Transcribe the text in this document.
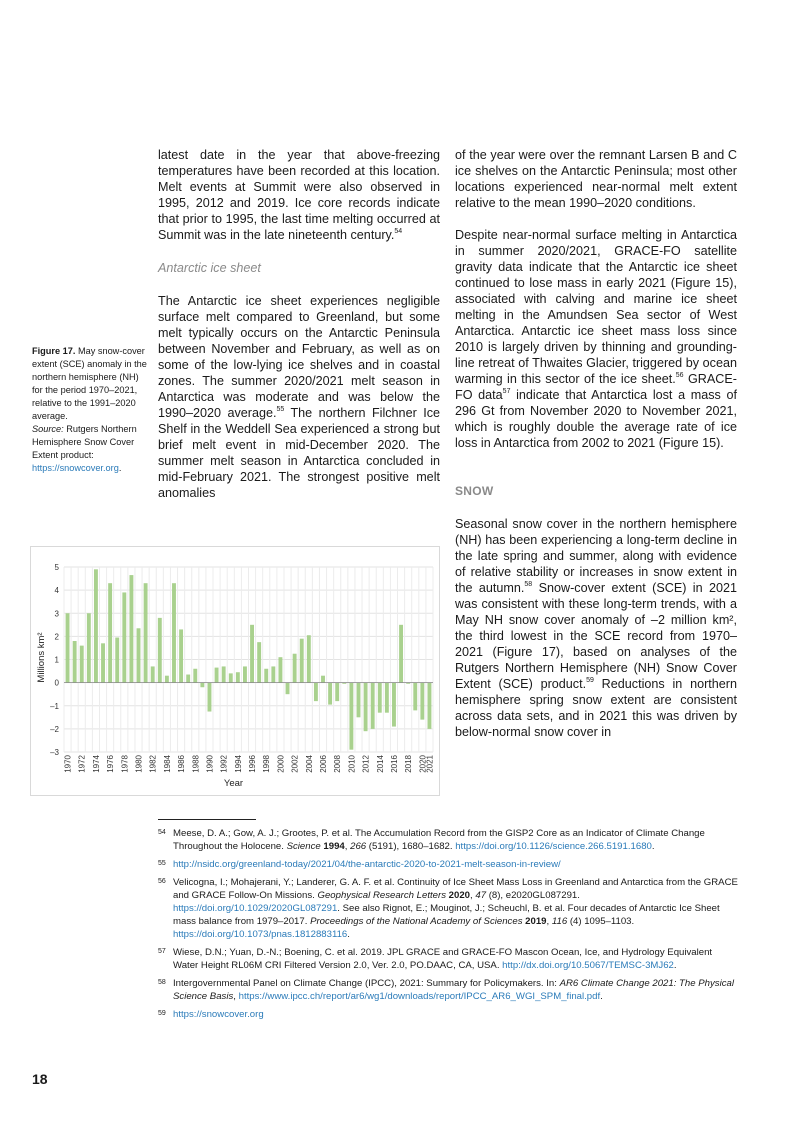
latest date in the year that above-freezing temperatures have been recorded at this location. Melt events at Summit were also observed in 1995, 2012 and 2019. Ice core records indicate that prior to 1995, the last time melting occurred at Summit was in the late nineteenth century.$^{54}$

Antarctic ice sheet

The Antarctic ice sheet experiences negligible surface melt compared to Greenland, but some melt typically occurs on the Antarctic Peninsula between November and February, as well as on some of the low-lying ice shelves and in coastal zones. The summer 2020/2021 melt season in Antarctica was moderate and was below the 1990–2020 average.$^{55}$ The northern Filchner Ice Shelf in the Weddell Sea experienced a strong but brief melt event in mid-December 2020. The summer melt season in Antarctica concluded in mid-February 2021. The strongest positive melt anomalies

of the year were over the remnant Larsen B and C ice shelves on the Antarctic Peninsula; most other locations experienced near-normal melt extent relative to the mean 1990–2020 conditions.

Despite near-normal surface melting in Antarctica in summer 2020/2021, GRACE-FO satellite gravity data indicate that the Antarctic ice sheet continued to lose mass in early 2021 (Figure 15), associated with calving and marine ice sheet melting in the Amundsen Sea sector of West Antarctica. Antarctic ice sheet mass loss since 2010 is largely driven by thinning and grounding-line retreat of Thwaites Glacier, triggered by ocean warming in this sector of the ice sheet.$^{56}$ GRACE-FO data$^{57}$ indicate that Antarctica lost a mass of 296 Gt from November 2020 to November 2021, which is roughly double the average rate of ice loss in Antarctica from 2002 to 2021 (Figure 15).

SNOW

Seasonal snow cover in the northern hemisphere (NH) has been experiencing a long-term decline in the late spring and summer, along with evidence of relative stability or increases in snow extent in the autumn.$^{58}$ Snow-cover extent (SCE) in 2021 was consistent with these long-term trends, with a May NH snow cover anomaly of –2 million km², the third lowest in the SCE record from 1970–2021 (Figure 17), based on analyses of the Rutgers Northern Hemisphere (NH) Snow Cover Extent (SCE) product.$^{59}$ Reductions in northern hemisphere spring snow extent are consistent across data sets, and in 2021 this was driven by below-normal snow cover in

Figure 17. May snow-cover extent (SCE) anomaly in the northern hemisphere (NH) for the period 1970–2021, relative to the 1991–2020 average.
Source: Rutgers Northern Hemisphere Snow Cover Extent product: https://snowcover.org.
–3
–2
–1
0
1
2
3
4
5
1970 1972 1974 1976 1978 1980 1982 1984 1986 1988 1990 1992 1994 1996 1998 2000 2002 2004 2006 2008 2010 2012 2014 2016 2018 2020
2021
Year
Millions km²
54 Meese, D. A.; Gow, A. J.; Grootes, P. et al. The Accumulation Record from the GISP2 Core as an Indicator of Climate Change Throughout the Holocene. Science 1994, 266 (5191), 1680–1682. https://doi.org/10.1126/science.266.5191.1680.
55 http://nsidc.org/greenland-today/2021/04/the-antarctic-2020-to-2021-melt-season-in-review/
56 Velicogna, I.; Mohajerani, Y.; Landerer, G. A. F. et al. Continuity of Ice Sheet Mass Loss in Greenland and Antarctica from the GRACE and GRACE Follow-On Missions. Geophysical Research Letters 2020, 47 (8), e2020GL087291. https://doi.org/10.1029/2020GL087291. See also Rignot, E.; Mouginot, J.; Scheuchl, B. et al. Four decades of Antarctic Ice Sheet mass balance from 1979–2017. Proceedings of the National Academy of Sciences 2019, 116 (4) 1095–1103. https://doi.org/10.1073/pnas.1812883116.
57 Wiese, D.N.; Yuan, D.-N.; Boening, C. et al. 2019. JPL GRACE and GRACE-FO Mascon Ocean, Ice, and Hydrology Equivalent Water Height RL06M CRI Filtered Version 2.0, Ver. 2.0, PO.DAAC, CA, USA. http://dx.doi.org/10.5067/TEMSC-3MJ62.
58 Intergovernmental Panel on Climate Change (IPCC), 2021: Summary for Policymakers. In: AR6 Climate Change 2021: The Physical Science Basis, https://www.ipcc.ch/report/ar6/wg1/downloads/report/IPCC_AR6_WGI_SPM_final.pdf.
59 https://snowcover.org
18
